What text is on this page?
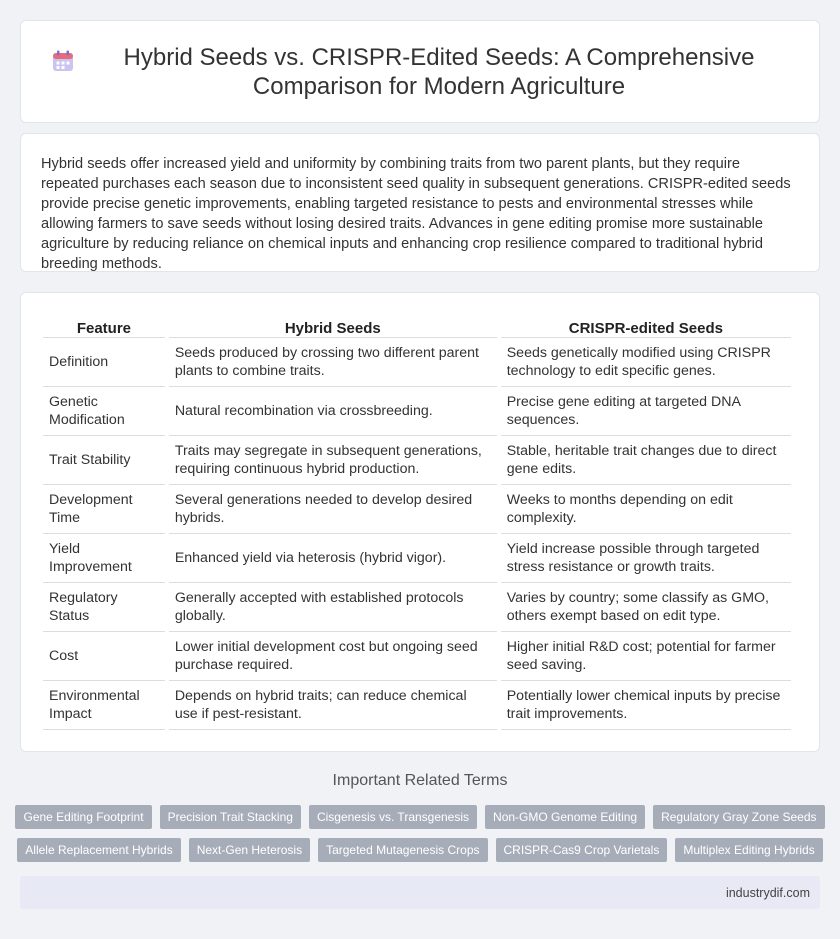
Hybrid Seeds vs. CRISPR-Edited Seeds: A Comprehensive Comparison for Modern Agriculture

Hybrid seeds offer increased yield and uniformity by combining traits from two parent plants, but they require repeated purchases each season due to inconsistent seed quality in subsequent generations. CRISPR-edited seeds provide precise genetic improvements, enabling targeted resistance to pests and environmental stresses while allowing farmers to save seeds without losing desired traits. Advances in gene editing promise more sustainable agriculture by reducing reliance on chemical inputs and enhancing crop resilience compared to traditional hybrid breeding methods.

Feature	Hybrid Seeds	CRISPR-edited Seeds
Definition	Seeds produced by crossing two different parent plants to combine traits.	Seeds genetically modified using CRISPR technology to edit specific genes.
Genetic Modification	Natural recombination via crossbreeding.	Precise gene editing at targeted DNA sequences.
Trait Stability	Traits may segregate in subsequent generations, requiring continuous hybrid production.	Stable, heritable trait changes due to direct gene edits.
Development Time	Several generations needed to develop desired hybrids.	Weeks to months depending on edit complexity.
Yield Improvement	Enhanced yield via heterosis (hybrid vigor).	Yield increase possible through targeted stress resistance or growth traits.
Regulatory Status	Generally accepted with established protocols globally.	Varies by country; some classify as GMO, others exempt based on edit type.
Cost	Lower initial development cost but ongoing seed purchase required.	Higher initial R&D cost; potential for farmer seed saving.
Environmental Impact	Depends on hybrid traits; can reduce chemical use if pest-resistant.	Potentially lower chemical inputs by precise trait improvements.
Important Related Terms
Gene Editing Footprint	Precision Trait Stacking	Cisgenesis vs. Transgenesis	Non-GMO Genome Editing	Regulatory Gray Zone Seeds
Allele Replacement Hybrids	Next-Gen Heterosis	Targeted Mutagenesis Crops	CRISPR-Cas9 Crop Varietals	Multiplex Editing Hybrids
industrydif.com
